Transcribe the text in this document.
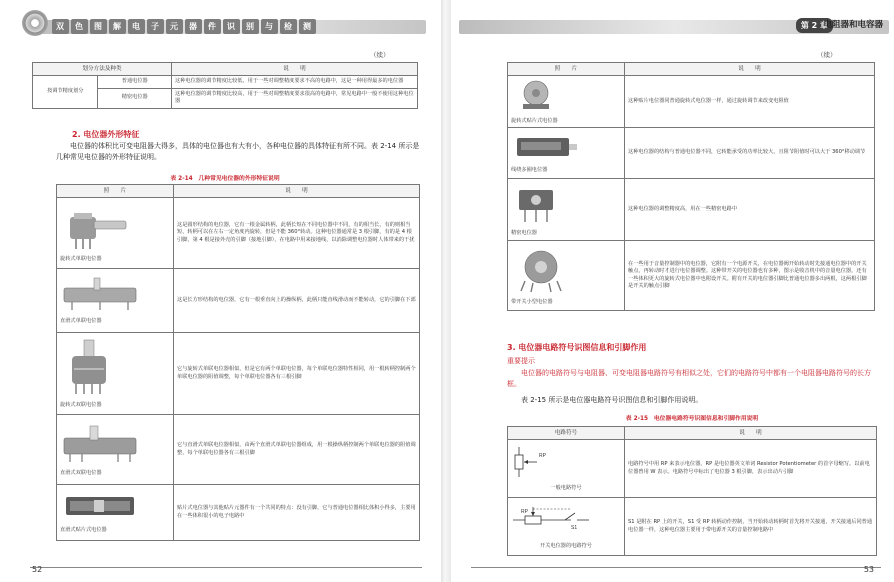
双 色 图 解 电 子 元 器 件 识 别 与 检 测
（续）
划分方法及种类		说　　明
按调节精度划分	普通电位器	这种电位器的调节精度比较低，用于一些对调整精度要求不高的电路中，这是一种用得最多的电位器
	精密电位器	这种电位器的调节精度比较高，用于一些对调整精度要求很高的电路中，常见电路中一般不使用这种电位器
2. 电位器外形特征
电位器的体积比可变电阻器大得多，具体的电位器也有大有小，各种电位器的具体特征有所不同。表 2-14 所示是几种常见电位器的外形特征说明。
表 2-14　几种常见电位器的外形特征说明
照　　片	说　　明

旋转式单联电位器	这是圆形结构的电位器，它有一根金属转柄，此柄长短在不同电位器中不同，有的相当长，有的则相当短，转柄可以在左右一定角度内旋转，但是不能 360°转动。这种电位器通常是 3 根引脚，有的是 4 根引脚，第 4 根是接外壳的引脚（接地引脚），在电路中用来接地线，以消除调整电位器时人体带来的干扰

直滑式单联电位器	这是长方形结构的电位器，它有一根垂直向上的操纵柄，此柄只能直线滑动而不能转动，它的引脚在下部

旋转式双联电位器	它与旋转式单联电位器相似，但是它有两个单联电位器，每个单联电位器特性相同，用一根转柄控制两个单联电位器的阻值调整，每个单联电位器各有三根引脚

直滑式双联电位器	它与直滑式单联电位器相似，由两个直滑式单联电位器组成，用一根操纵柄控制两个单联电位器的阻值调整，每个单联电位器各有三根引脚

直滑式贴片式电位器	贴片式电位器与其他贴片元器件有一个共同的特点：没有引脚，它与普通电位器相比体积小得多，主要用在一些体积很小的电子电路中
52
第 2 章
电阻器和电容器
（续）
照　　片	说　　明

旋转式贴片式电位器	这种贴片电位器同普通旋转式电位器一样，通过旋转调节来改变电阻值

线绕多圈电位器	这种电位器的结构与普通电位器不同，它转能承受的功率比较大，且阻节阻值时可以大于 360°移动调节

精密电位器	这种电位器的调整精度高，用在一些精密电路中

带开关小型电位器	在一些用于音量控制器中的电位器，它附有一个电源开关，在电位器阀开始转动时先接通电位器中的开关触点，再转动时才进行电位器调整。这种带开关的电位器也有多种，图示是收音机中的音量电位器，还有一些体积更大的旋转式电位器中也附设开关。附有开关的电位器引脚比普通电位器多出两根，这两根引脚是开关的触点引脚
3. 电位器电路符号识图信息和引脚作用
重要提示
电位器的电路符号与电阻器、可变电阻器电路符号有相似之处，它们的电路符号中都有一个电阻器电路符号的长方框。
表 2-15 所示是电位器电路符号识图信息和引脚作用说明。
表 2-15　电位器电路符号识图信息和引脚作用说明
电路符号	说　　明

RP
一般电路符号	电路符号中用 RP 来表示电位器，RP 是电位器英文单词 Resistor Potentiometer 的首字母缩写。以前电位器曾用 W 表示。电路符号中标出了电位器 3 根引脚，表示出动片引脚

RP
S1
开关电位器的电路符号	S1 是附在 RP 上的开关，S1 受 RP 转柄动作控制，当开始转动转柄时首先将开关接通，开关接通后同普通电位器一样，这种电位器主要用于带电源开关的音量控制电路中
53
